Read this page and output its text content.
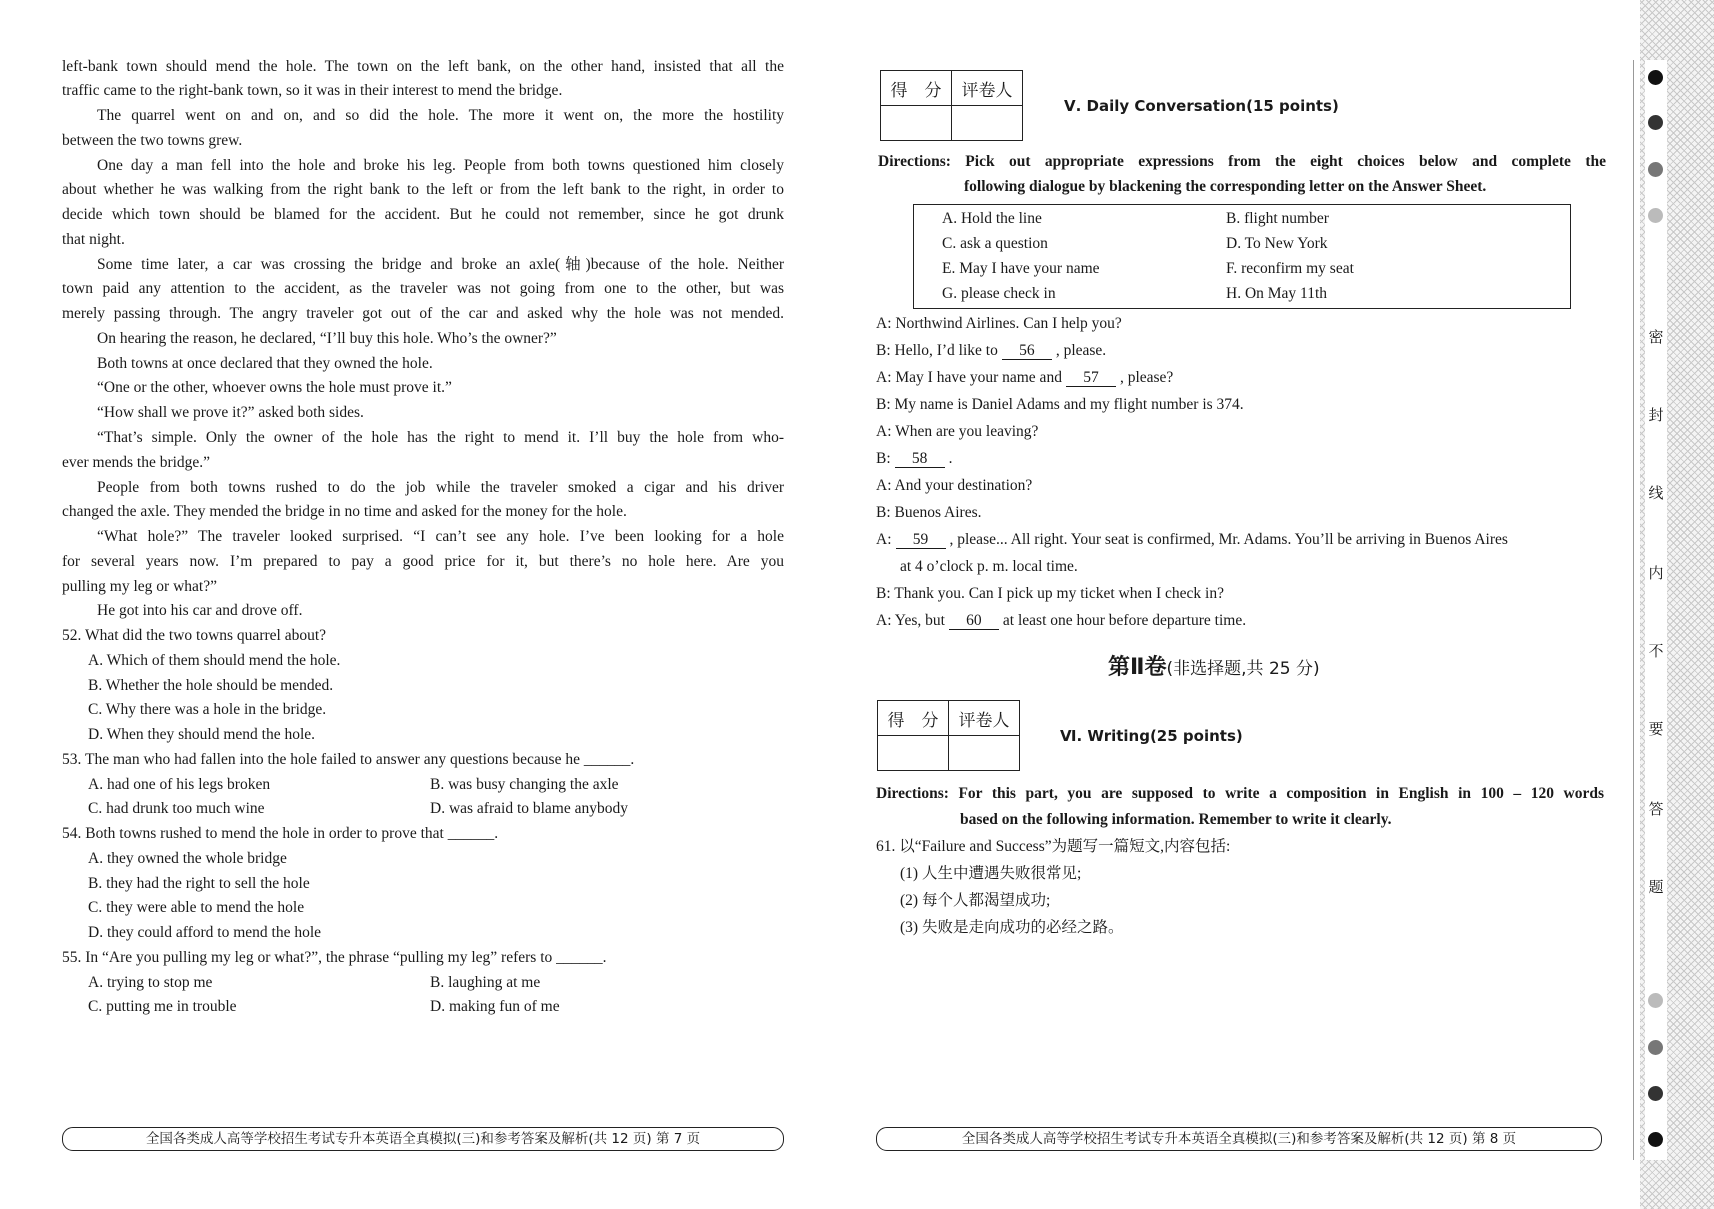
left-bank town should mend the hole. The town on the left bank, on the other hand, insisted that all the
traffic came to the right-bank town, so it was in their interest to mend the bridge.
The quarrel went on and on, and so did the hole. The more it went on, the more the hostility
between the two towns grew.
One day a man fell into the hole and broke his leg. People from both towns questioned him closely
about whether he was walking from the right bank to the left or from the left bank to the right, in order to
decide which town should be blamed for the accident. But he could not remember, since he got drunk
that night.
Some time later, a car was crossing the bridge and broke an axle(轴)because of the hole. Neither
town paid any attention to the accident, as the traveler was not going from one to the other, but was
merely passing through. The angry traveler got out of the car and asked why the hole was not mended.
On hearing the reason, he declared, “I’ll buy this hole. Who’s the owner?”
Both towns at once declared that they owned the hole.
“One or the other, whoever owns the hole must prove it.”
“How shall we prove it?” asked both sides.
“That’s simple. Only the owner of the hole has the right to mend it. I’ll buy the hole from who-
ever mends the bridge.”
People from both towns rushed to do the job while the traveler smoked a cigar and his driver
changed the axle. They mended the bridge in no time and asked for the money for the hole.
“What hole?” The traveler looked surprised. “I can’t see any hole. I’ve been looking for a hole
for several years now. I’m prepared to pay a good price for it, but there’s no hole here. Are you
pulling my leg or what?”
He got into his car and drove off.
52. What did the two towns quarrel about?
A. Which of them should mend the hole.
B. Whether the hole should be mended.
C. Why there was a hole in the bridge.
D. When they should mend the hole.
53. The man who had fallen into the hole failed to answer any questions because he ______.
A. had one of his legs broken	B. was busy changing the axle
C. had drunk too much wine	D. was afraid to blame anybody
54. Both towns rushed to mend the hole in order to prove that ______.
A. they owned the whole bridge
B. they had the right to sell the hole
C. they were able to mend the hole
D. they could afford to mend the hole
55. In “Are you pulling my leg or what?”, the phrase “pulling my leg” refers to ______.
A. trying to stop me	B. laughing at me
C. putting me in trouble	D. making fun of me
全国各类成人高等学校招生考试专升本英语全真模拟(三)和参考答案及解析(共 12 页) 第 7 页
得　分	评卷人

Ⅴ. Daily Conversation(15 points)
Directions: Pick out appropriate expressions from the eight choices below and complete the
following dialogue by blackening the corresponding letter on the Answer Sheet.
A. Hold the line	B. flight number
C. ask a question	D. To New York
E. May I have your name	F. reconfirm my seat
G. please check in	H. On May 11th
A: Northwind Airlines. Can I help you?
B: Hello, I’d like to 56 , please.
A: May I have your name and 57 , please?
B: My name is Daniel Adams and my flight number is 374.
A: When are you leaving?
B: 58 .
A: And your destination?
B: Buenos Aires.
A: 59 , please... All right. Your seat is confirmed, Mr. Adams. You’ll be arriving in Buenos Aires
at 4 o’clock p. m. local time.
B: Thank you. Can I pick up my ticket when I check in?
A: Yes, but 60 at least one hour before departure time.
第Ⅱ卷(非选择题,共 25 分)
得　分	评卷人

Ⅵ. Writing(25 points)
Directions: For this part, you are supposed to write a composition in English in 100 – 120 words
based on the following information. Remember to write it clearly.
61. 以“Failure and Success”为题写一篇短文,内容包括:
(1) 人生中遭遇失败很常见;
(2) 每个人都渴望成功;
(3) 失败是走向成功的必经之路。
全国各类成人高等学校招生考试专升本英语全真模拟(三)和参考答案及解析(共 12 页) 第 8 页
密
封
线
内
不
要
答
题
